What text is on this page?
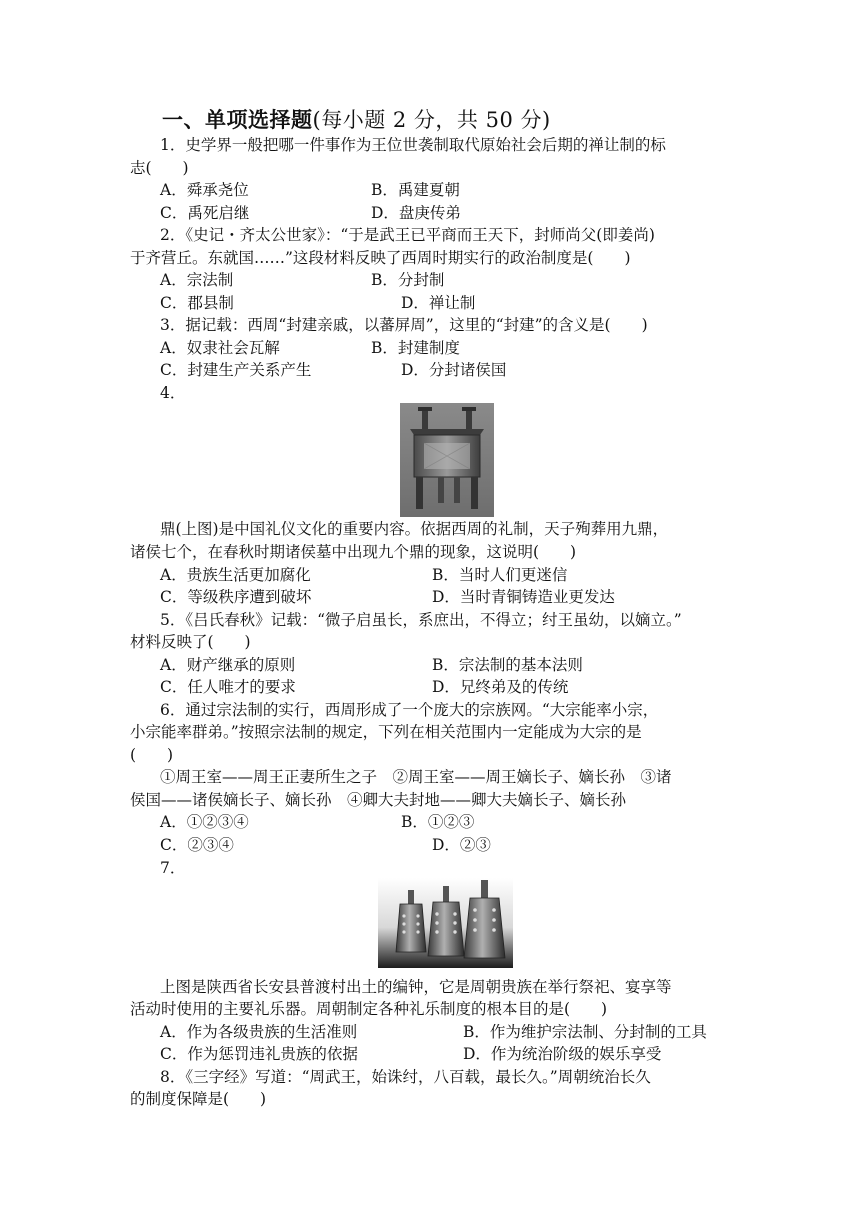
一、单项选择题(每小题 2 分，共 50 分)
1．史学界一般把哪一件事作为王位世袭制取代原始社会后期的禅让制的标
志(　　)
A．舜承尧位	B．禹建夏朝
C．禹死启继	D．盘庚传弟
2．《史记・齐太公世家》：“于是武王已平商而王天下，封师尚父(即姜尚)
于齐营丘。东就国……”这段材料反映了西周时期实行的政治制度是(　　)
A．宗法制	B．分封制
C．郡县制	D．禅让制
3．据记载：西周“封建亲戚，以蕃屏周”，这里的“封建”的含义是(　　)
A．奴隶社会瓦解	B．封建制度
C．封建生产关系产生	D．分封诸侯国
4．
鼎(上图)是中国礼仪文化的重要内容。依据西周的礼制，天子殉葬用九鼎，
诸侯七个，在春秋时期诸侯墓中出现九个鼎的现象，这说明(　　)
A．贵族生活更加腐化	B．当时人们更迷信
C．等级秩序遭到破坏	D．当时青铜铸造业更发达
5．《吕氏春秋》记载：“微子启虽长，系庶出，不得立；纣王虽幼，以嫡立。”
材料反映了(　　)
A．财产继承的原则	B．宗法制的基本法则
C．任人唯才的要求	D．兄终弟及的传统
6．通过宗法制的实行，西周形成了一个庞大的宗族网。“大宗能率小宗，
小宗能率群弟。”按照宗法制的规定，下列在相关范围内一定能成为大宗的是
(　　)
①周王室——周王正妻所生之子　②周王室——周王嫡长子、嫡长孙　③诸
侯国——诸侯嫡长子、嫡长孙　④卿大夫封地——卿大夫嫡长子、嫡长孙
A．①②③④	B．①②③
C．②③④	D．②③
7．
上图是陕西省长安县普渡村出土的编钟，它是周朝贵族在举行祭祀、宴享等
活动时使用的主要礼乐器。周朝制定各种礼乐制度的根本目的是(　　)
A．作为各级贵族的生活准则	B．作为维护宗法制、分封制的工具
C．作为惩罚违礼贵族的依据	D．作为统治阶级的娱乐享受
8．《三字经》写道：“周武王，始诛纣，八百载，最长久。”周朝统治长久
的制度保障是(　　)
